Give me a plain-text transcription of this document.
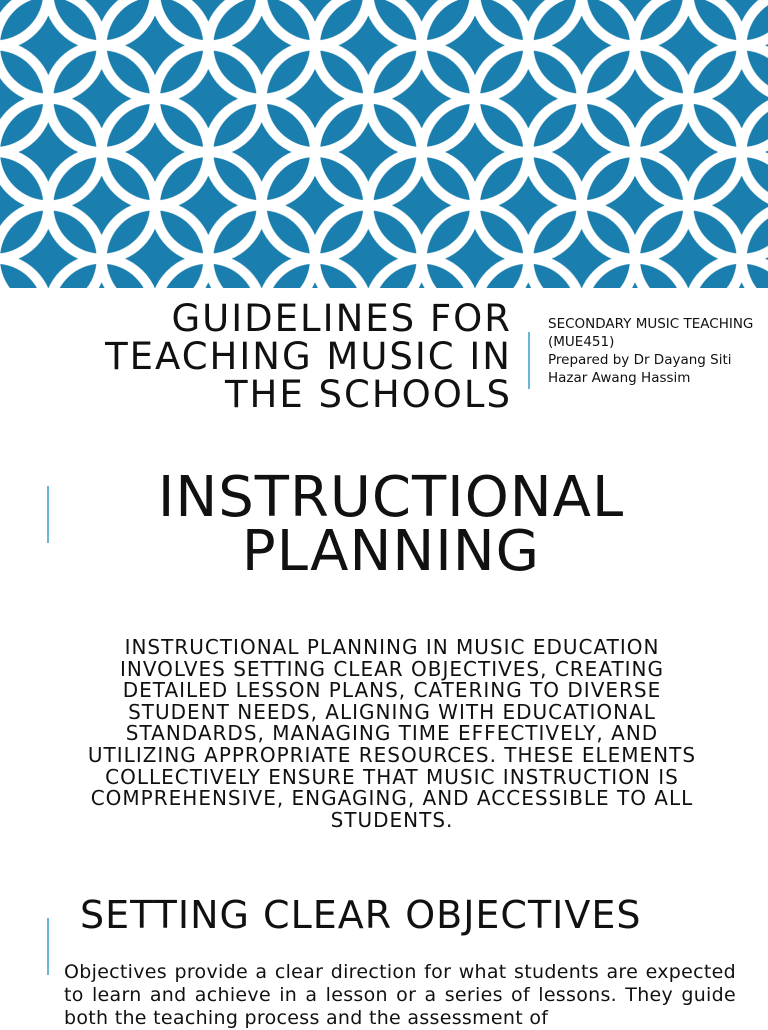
GUIDELINES FOR TEACHING MUSIC IN THE SCHOOLS
SECONDARY MUSIC TEACHING (MUE451)
Prepared by Dr Dayang Siti Hazar Awang Hassim
INSTRUCTIONAL PLANNING

INSTRUCTIONAL PLANNING IN MUSIC EDUCATION INVOLVES SETTING CLEAR OBJECTIVES, CREATING DETAILED LESSON PLANS, CATERING TO DIVERSE STUDENT NEEDS, ALIGNING WITH EDUCATIONAL STANDARDS, MANAGING TIME EFFECTIVELY, AND UTILIZING APPROPRIATE RESOURCES. THESE ELEMENTS COLLECTIVELY ENSURE THAT MUSIC INSTRUCTION IS COMPREHENSIVE, ENGAGING, AND ACCESSIBLE TO ALL STUDENTS.

SETTING CLEAR OBJECTIVES

Objectives provide a clear direction for what students are expected to learn and achieve in a lesson or a series of lessons. They guide both the teaching process and the assessment of
